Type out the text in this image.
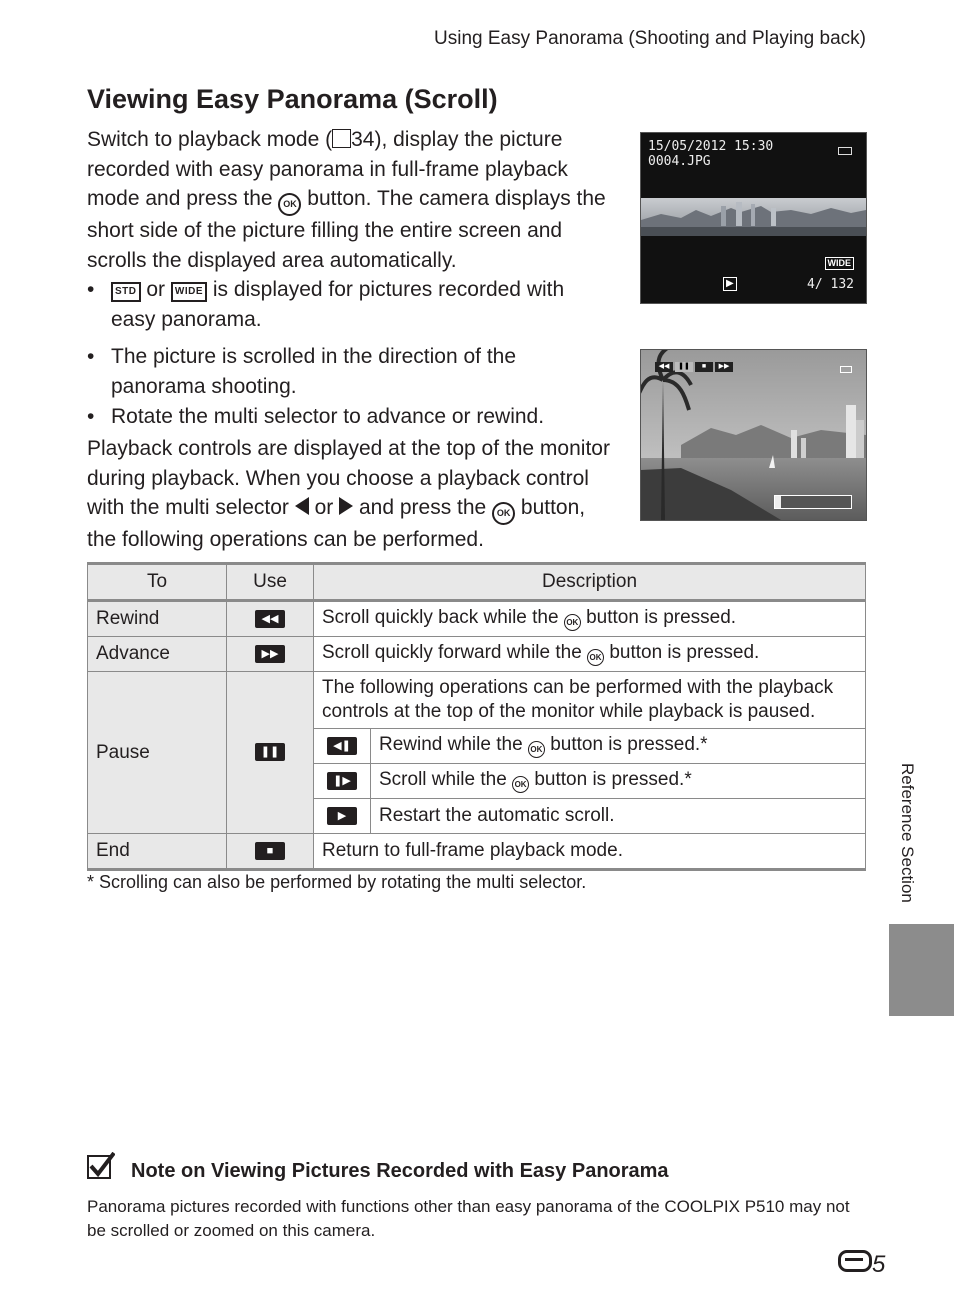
Using Easy Panorama (Shooting and Playing back)
Viewing Easy Panorama (Scroll)
Switch to playback mode ( 34), display the picture recorded with easy panorama in full-frame playback mode and press the OK button. The camera displays the short side of the picture filling the entire screen and scrolls the displayed area automatically.
• STD or WIDE is displayed for pictures recorded with easy panorama.
• The picture is scrolled in the direction of the panorama shooting.
• Rotate the multi selector to advance or rewind.
Playback controls are displayed at the top of the monitor during playback. When you choose a playback control with the multi selector  or and press the OK button, the following operations can be performed.
15/05/2012 15:30
0004.JPG
WIDE
▶	4/ 132
◀◀	❚❚	■	▶▶
To	Use	Description	
Rewind	◀◀	Scroll quickly back while the OK button is pressed.	
Advance	▶▶	Scroll quickly forward while the OK button is pressed.	
Pause	❚❚	The following operations can be performed with the playback controls at the top of the monitor while playback is paused.	
		◀❚	Rewind while the OK button is pressed.*
		❚▶	Scroll while the OK button is pressed.*
		▶	Restart the automatic scroll.
End	■	Return to full-frame playback mode.	
* Scrolling can also be performed by rotating the multi selector.
Note on Viewing Pictures Recorded with Easy Panorama
Panorama pictures recorded with functions other than easy panorama of the COOLPIX P510 may not be scrolled or zoomed on this camera.
5
Reference Section
